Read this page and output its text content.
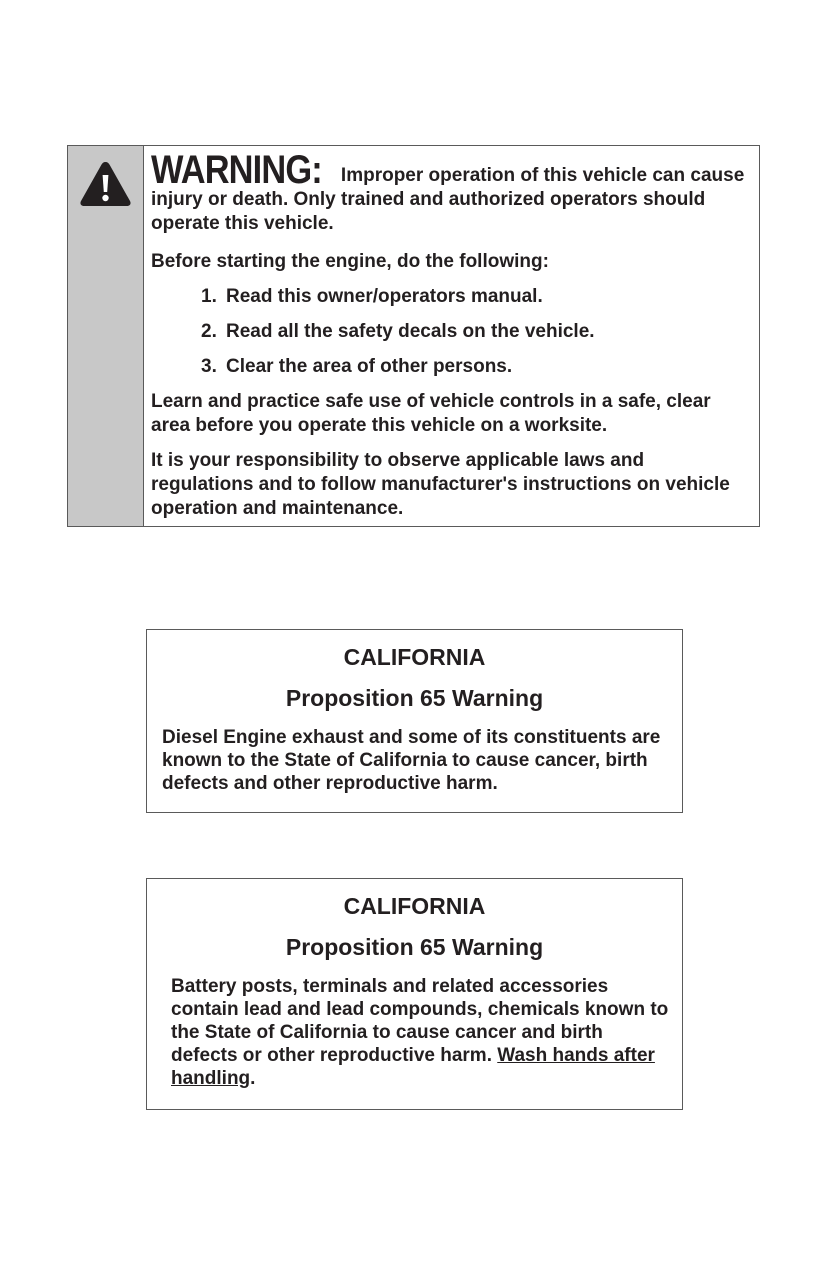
WARNING: Improper operation of this vehicle can cause injury or death. Only trained and authorized operators should operate this vehicle.

Before starting the engine, do the following:

1. Read this owner/operators manual.
2. Read all the safety decals on the vehicle.
3. Clear the area of other persons.

Learn and practice safe use of vehicle controls in a safe, clear area before you operate this vehicle on a worksite.

It is your responsibility to observe applicable laws and regulations and to follow manufacturer's instructions on vehicle operation and maintenance.

CALIFORNIA

Proposition 65 Warning

Diesel Engine exhaust and some of its constituents are known to the State of California to cause cancer, birth defects and other reproductive harm.

CALIFORNIA

Proposition 65 Warning

Battery posts, terminals and related accessories contain lead and lead compounds, chemicals known to the State of California to cause cancer and birth defects or other reproductive harm. Wash hands after handling.
